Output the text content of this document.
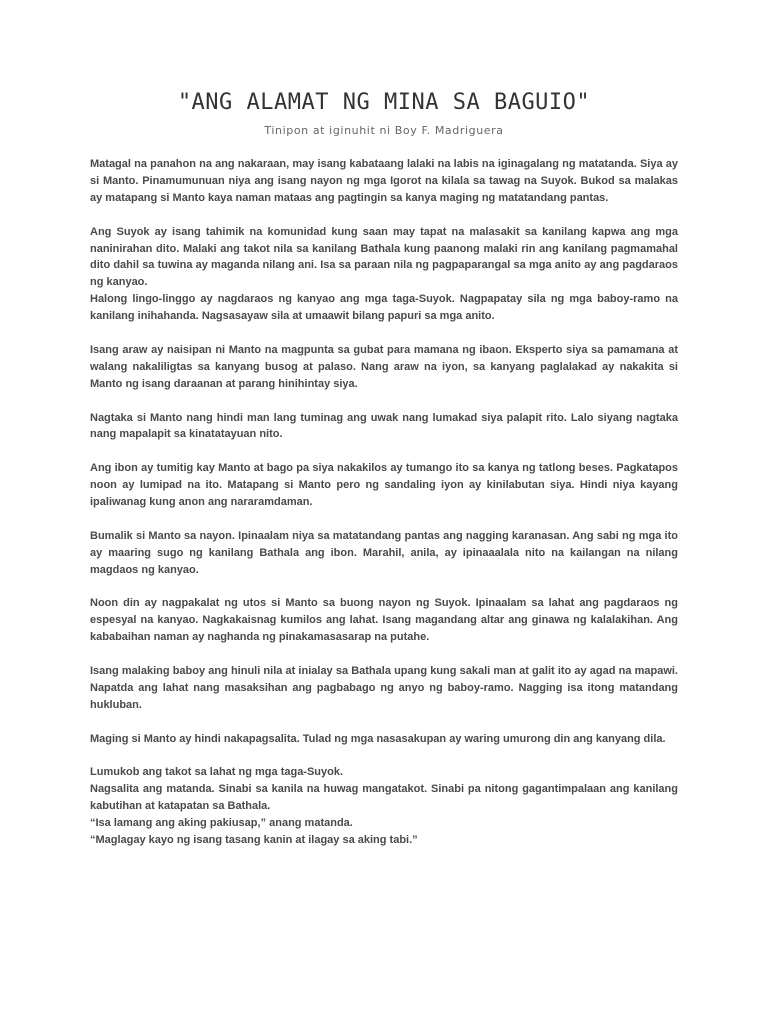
"ANG ALAMAT NG MINA SA BAGUIO"
Tinipon at iginuhit ni Boy F. Madriguera

Matagal na panahon na ang nakaraan, may isang kabataang lalaki na labis na iginagalang ng matatanda. Siya ay si Manto. Pinamumunuan niya ang isang nayon ng mga Igorot na kilala sa tawag na Suyok. Bukod sa malakas ay matapang si Manto kaya naman mataas ang pagtingin sa kanya maging ng matatandang pantas.

Ang Suyok ay isang tahimik na komunidad kung saan may tapat na malasakit sa kanilang kapwa ang mga naninirahan dito. Malaki ang takot nila sa kanilang Bathala kung paanong malaki rin ang kanilang pagmamahal dito dahil sa tuwina ay maganda nilang ani. Isa sa paraan nila ng pagpaparangal sa mga anito ay ang pagdaraos ng kanyao.

Halong lingo-linggo ay nagdaraos ng kanyao ang mga taga-Suyok. Nagpapatay sila ng mga baboy-ramo na kanilang inihahanda. Nagsasayaw sila at umaawit bilang papuri sa mga anito.

Isang araw ay naisipan ni Manto na magpunta sa gubat para mamana ng ibaon. Eksperto siya sa pamamana at walang nakaliligtas sa kanyang busog at palaso. Nang araw na iyon, sa kanyang paglalakad ay nakakita si Manto ng isang daraanan at parang hinihintay siya.

Nagtaka si Manto nang hindi man lang tuminag ang uwak nang lumakad siya palapit rito. Lalo siyang nagtaka nang mapalapit sa kinatatayuan nito.

Ang ibon ay tumitig kay Manto at bago pa siya nakakilos ay tumango ito sa kanya ng tatlong beses. Pagkatapos noon ay lumipad na ito. Matapang si Manto pero ng sandaling iyon ay kinilabutan siya. Hindi niya kayang ipaliwanag kung anon ang nararamdaman.

Bumalik si Manto sa nayon. Ipinaalam niya sa matatandang pantas ang nagging karanasan. Ang sabi ng mga ito ay maaring sugo ng kanilang Bathala ang ibon. Marahil, anila, ay ipinaaalala nito na kailangan na nilang magdaos ng kanyao.

Noon din ay nagpakalat ng utos si Manto sa buong nayon ng Suyok. Ipinaalam sa lahat ang pagdaraos ng espesyal na kanyao. Nagkakaisnag kumilos ang lahat. Isang magandang altar ang ginawa ng kalalakihan. Ang kababaihan naman ay naghanda ng pinakamasasarap na putahe.

Isang malaking baboy ang hinuli nila at inialay sa Bathala upang kung sakali man at galit ito ay agad na mapawi. Napatda ang lahat nang masaksihan ang pagbabago ng anyo ng baboy-ramo. Nagging isa itong matandang hukluban.

Maging si Manto ay hindi nakapagsalita. Tulad ng mga nasasakupan ay waring umurong din ang kanyang dila.

Lumukob ang takot sa lahat ng mga taga-Suyok.

Nagsalita ang matanda. Sinabi sa kanila na huwag mangatakot. Sinabi pa nitong gagantimpalaan ang kanilang kabutihan at katapatan sa Bathala.

“Isa lamang ang aking pakiusap,” anang matanda.

“Maglagay kayo ng isang tasang kanin at ilagay sa aking tabi.”
